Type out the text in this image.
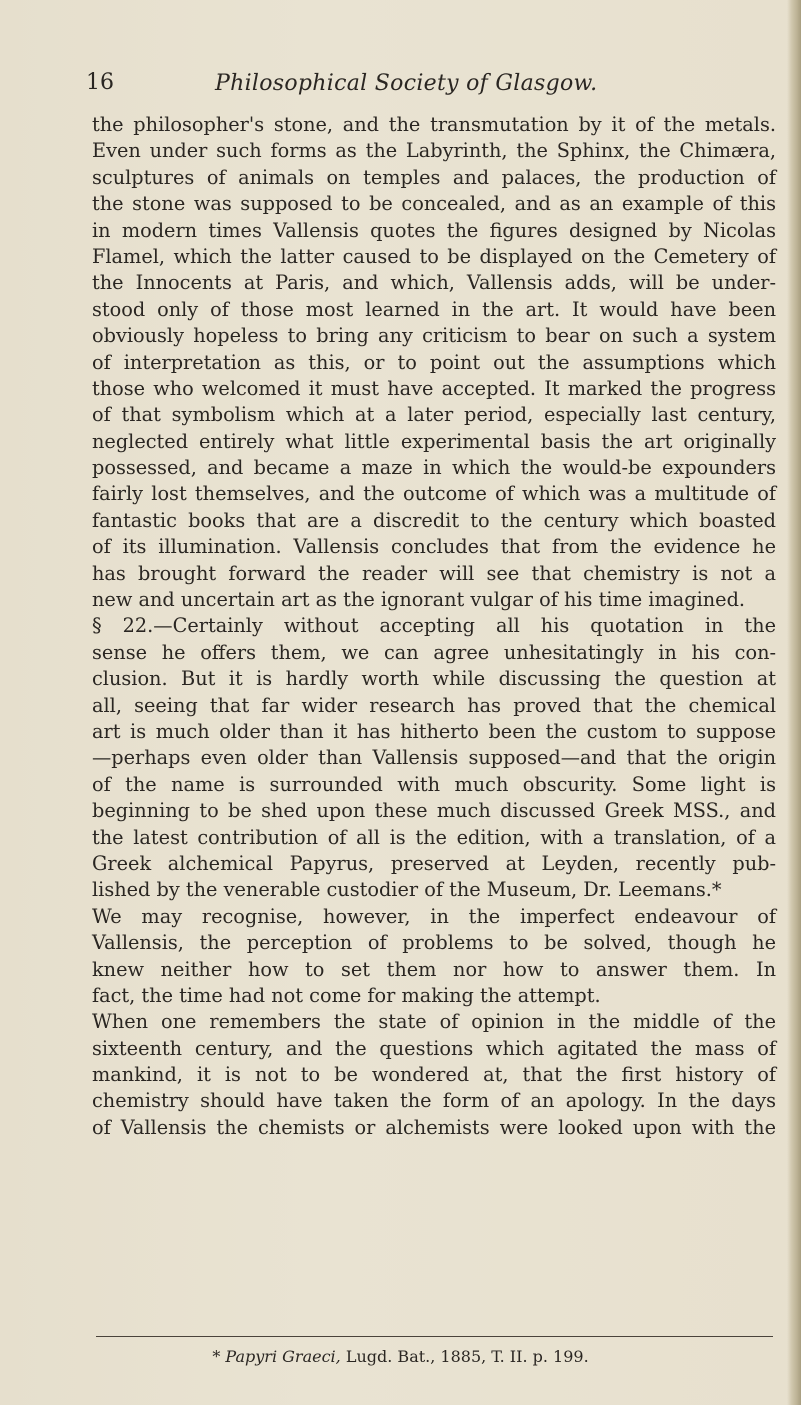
16	Philosophical Society of Glasgow.
the philosopher's stone, and the transmutation by it of the metals.
Even under such forms as the Labyrinth, the Sphinx, the Chimæra,
sculptures of animals on temples and palaces, the production of
the stone was supposed to be concealed, and as an example of this
in modern times Vallensis quotes the figures designed by Nicolas
Flamel, which the latter caused to be displayed on the Cemetery of
the Innocents at Paris, and which, Vallensis adds, will be under-
stood only of those most learned in the art. It would have been
obviously hopeless to bring any criticism to bear on such a system
of interpretation as this, or to point out the assumptions which
those who welcomed it must have accepted. It marked the progress
of that symbolism which at a later period, especially last century,
neglected entirely what little experimental basis the art originally
possessed, and became a maze in which the would-be expounders
fairly lost themselves, and the outcome of which was a multitude of
fantastic books that are a discredit to the century which boasted
of its illumination. Vallensis concludes that from the evidence he
has brought forward the reader will see that chemistry is not a
new and uncertain art as the ignorant vulgar of his time imagined.
§ 22.—Certainly without accepting all his quotation in the
sense he offers them, we can agree unhesitatingly in his con-
clusion. But it is hardly worth while discussing the question at
all, seeing that far wider research has proved that the chemical
art is much older than it has hitherto been the custom to suppose
—perhaps even older than Vallensis supposed—and that the origin
of the name is surrounded with much obscurity. Some light is
beginning to be shed upon these much discussed Greek MSS., and
the latest contribution of all is the edition, with a translation, of a
Greek alchemical Papyrus, preserved at Leyden, recently pub-
lished by the venerable custodier of the Museum, Dr. Leemans.*
We may recognise, however, in the imperfect endeavour of
Vallensis, the perception of problems to be solved, though he
knew neither how to set them nor how to answer them. In
fact, the time had not come for making the attempt.
When one remembers the state of opinion in the middle of the
sixteenth century, and the questions which agitated the mass of
mankind, it is not to be wondered at, that the first history of
chemistry should have taken the form of an apology. In the days
of Vallensis the chemists or alchemists were looked upon with the
* Papyri Graeci, Lugd. Bat., 1885, T. II. p. 199.
